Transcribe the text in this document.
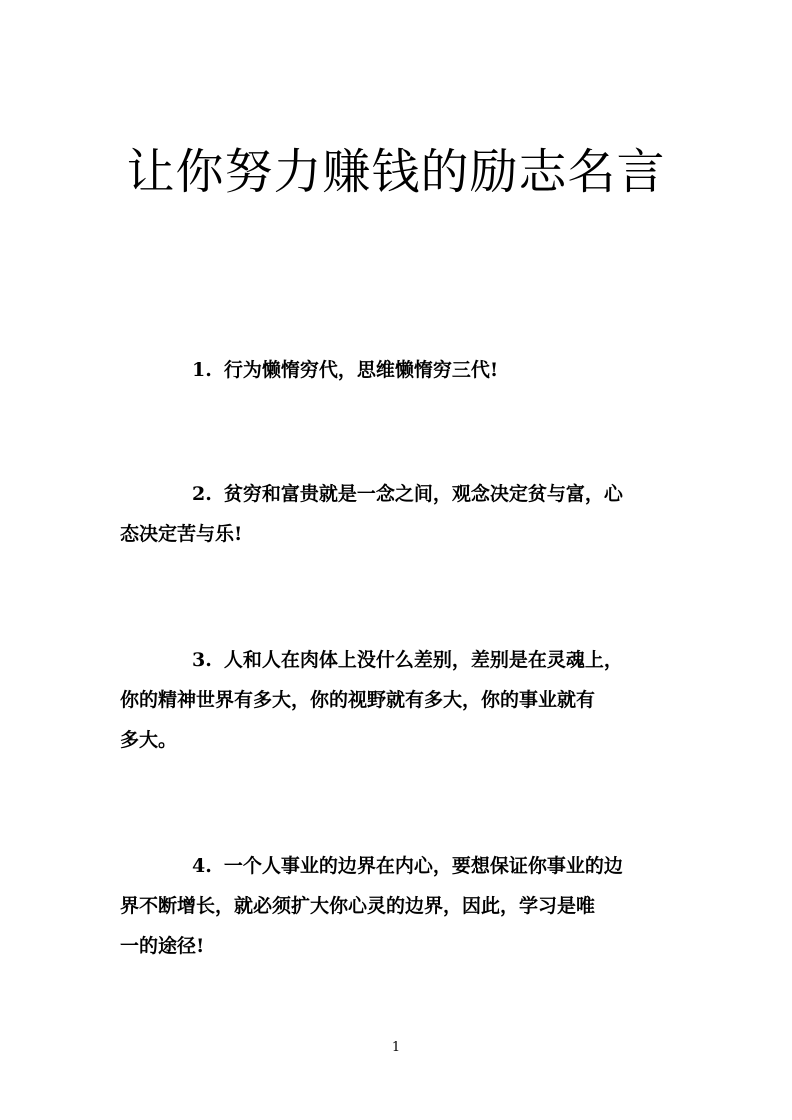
让你努力赚钱的励志名言
1. 行为懒惰穷代，思维懒惰穷三代!
2. 贫穷和富贵就是一念之间，观念决定贫与富，心
态决定苦与乐!
3. 人和人在肉体上没什么差别，差别是在灵魂上，
你的精神世界有多大，你的视野就有多大，你的事业就有
多大。
4. 一个人事业的边界在内心，要想保证你事业的边
界不断增长，就必须扩大你心灵的边界，因此，学习是唯
一的途径!
1
